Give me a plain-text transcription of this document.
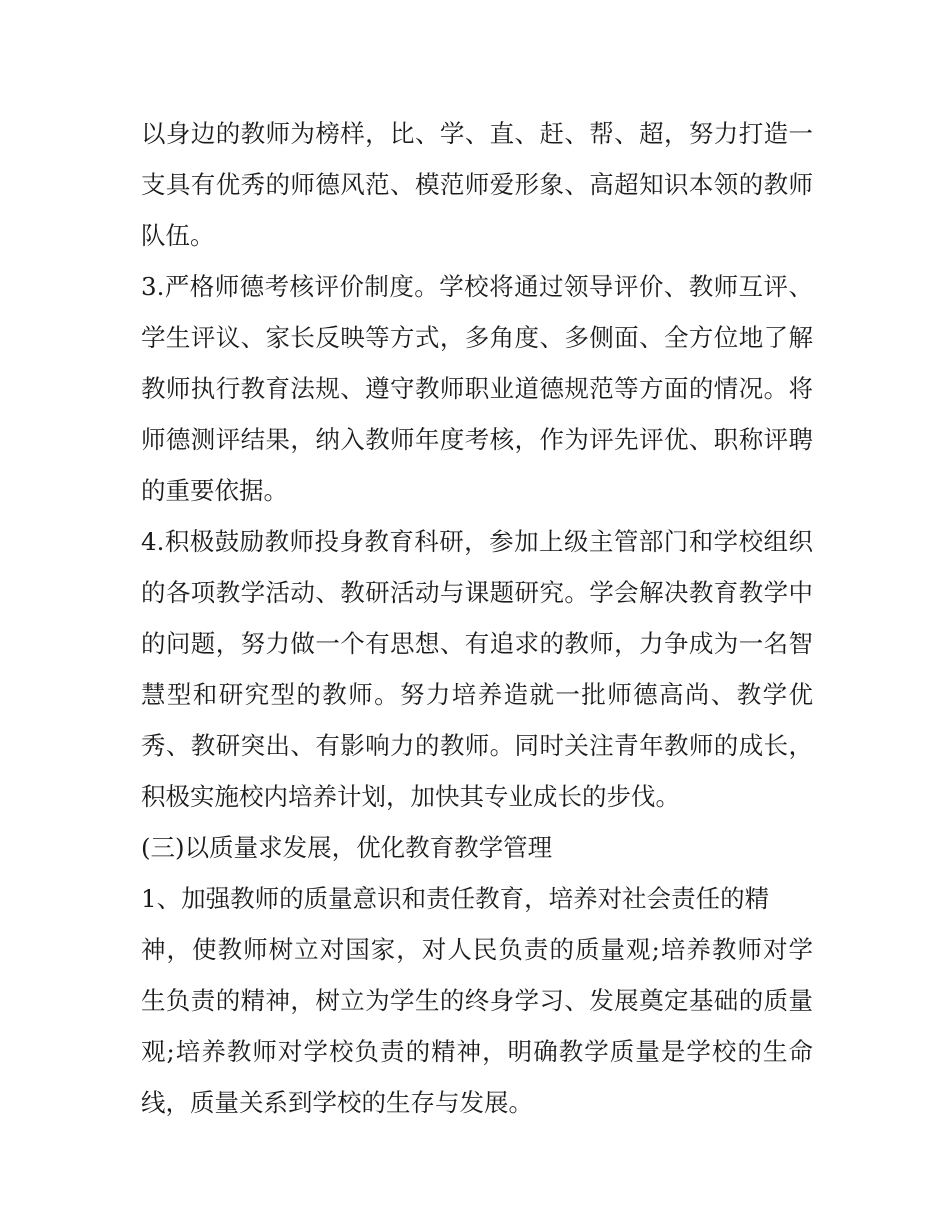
以身边的教师为榜样，比、学、直、赶、帮、超，努力打造一
支具有优秀的师德风范、模范师爱形象、高超知识本领的教师
队伍。
3.严格师德考核评价制度。学校将通过领导评价、教师互评、
学生评议、家长反映等方式，多角度、多侧面、全方位地了解
教师执行教育法规、遵守教师职业道德规范等方面的情况。将
师德测评结果，纳入教师年度考核，作为评先评优、职称评聘
的重要依据。
4.积极鼓励教师投身教育科研，参加上级主管部门和学校组织
的各项教学活动、教研活动与课题研究。学会解决教育教学中
的问题，努力做一个有思想、有追求的教师，力争成为一名智
慧型和研究型的教师。努力培养造就一批师德高尚、教学优
秀、教研突出、有影响力的教师。同时关注青年教师的成长，
积极实施校内培养计划，加快其专业成长的步伐。
(三)以质量求发展，优化教育教学管理
1、加强教师的质量意识和责任教育，培养对社会责任的精
神，使教师树立对国家，对人民负责的质量观;培养教师对学
生负责的精神，树立为学生的终身学习、发展奠定基础的质量
观;培养教师对学校负责的精神，明确教学质量是学校的生命
线，质量关系到学校的生存与发展。
